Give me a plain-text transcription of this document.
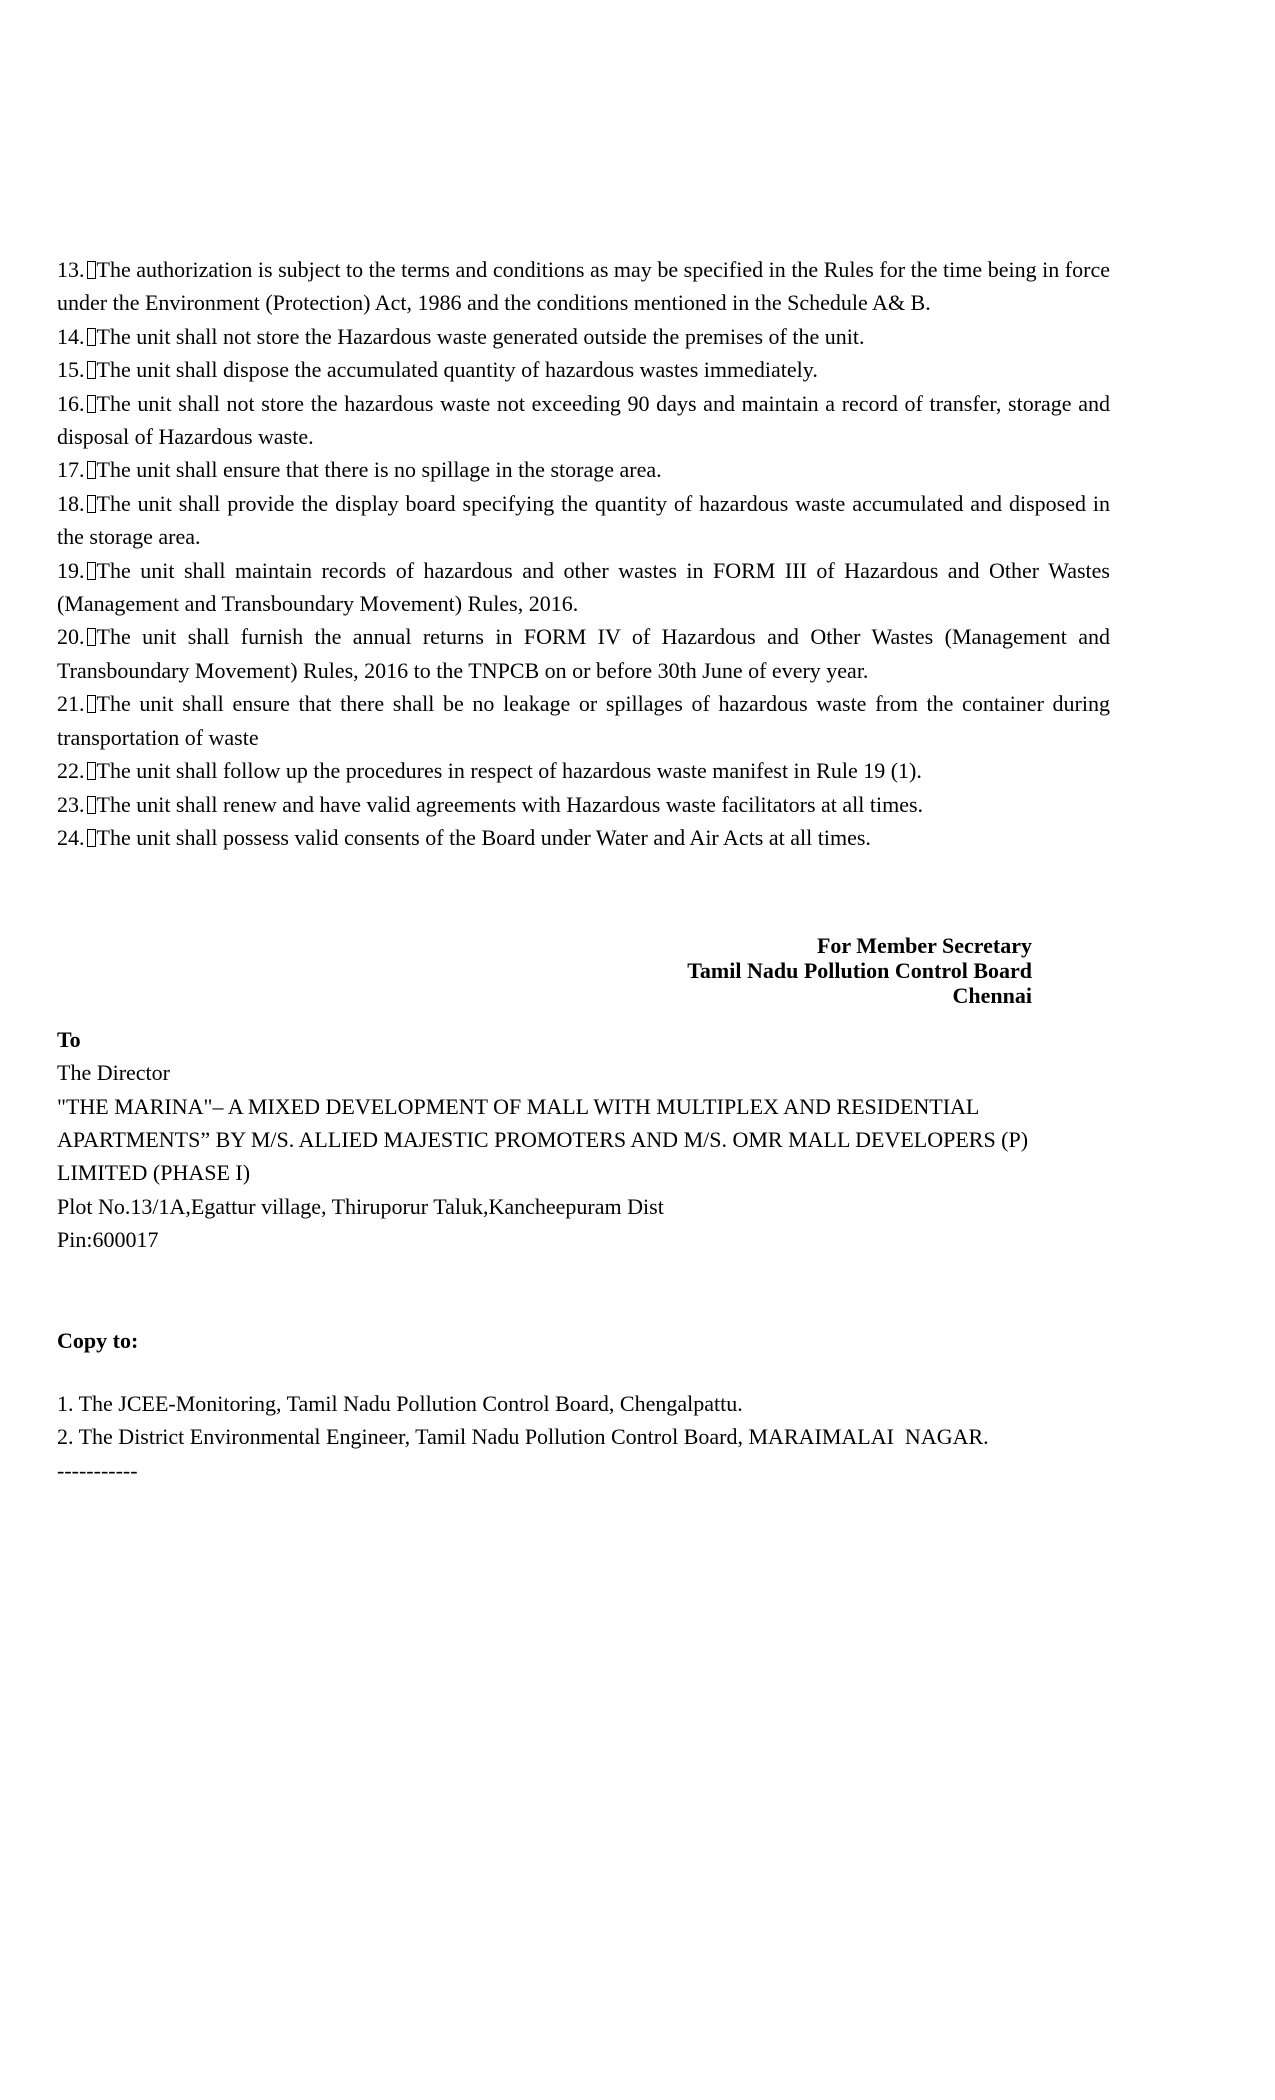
13. The authorization is subject to the terms and conditions as may be specified in the Rules for the time being in force under the Environment (Protection) Act, 1986 and the conditions mentioned in the Schedule A& B.

14. The unit shall not store the Hazardous waste generated outside the premises of the unit.

15. The unit shall dispose the accumulated quantity of hazardous wastes immediately.

16. The unit shall not store the hazardous waste not exceeding 90 days and maintain a record of transfer, storage and disposal of Hazardous waste.

17. The unit shall ensure that there is no spillage in the storage area.

18. The unit shall provide the display board specifying the quantity of hazardous waste accumulated and disposed in the storage area.

19. The unit shall maintain records of hazardous and other wastes in FORM III of Hazardous and Other Wastes (Management and Transboundary Movement) Rules, 2016.

20. The unit shall furnish the annual returns in FORM IV of Hazardous and Other Wastes (Management and Transboundary Movement) Rules, 2016 to the TNPCB on or before 30th June of every year.

21. The unit shall ensure that there shall be no leakage or spillages of hazardous waste from the container during transportation of waste

22. The unit shall follow up the procedures in respect of hazardous waste manifest in Rule 19 (1).

23. The unit shall renew and have valid agreements with Hazardous waste facilitators at all times.

24. The unit shall possess valid consents of the Board under Water and Air Acts at all times.

For Member Secretary
Tamil Nadu Pollution Control Board
Chennai
To
The Director
"THE MARINA"– A MIXED DEVELOPMENT OF MALL WITH MULTIPLEX AND RESIDENTIAL
APARTMENTS” BY M/S. ALLIED MAJESTIC PROMOTERS AND M/S. OMR MALL DEVELOPERS (P)
LIMITED (PHASE I)
Plot No.13/1A,Egattur village, Thiruporur Taluk,Kancheepuram Dist
Pin:600017
Copy to:
1. The JCEE-Monitoring, Tamil Nadu Pollution Control Board, Chengalpattu.
2. The District Environmental Engineer, Tamil Nadu Pollution Control Board, MARAIMALAI  NAGAR.
-----------
